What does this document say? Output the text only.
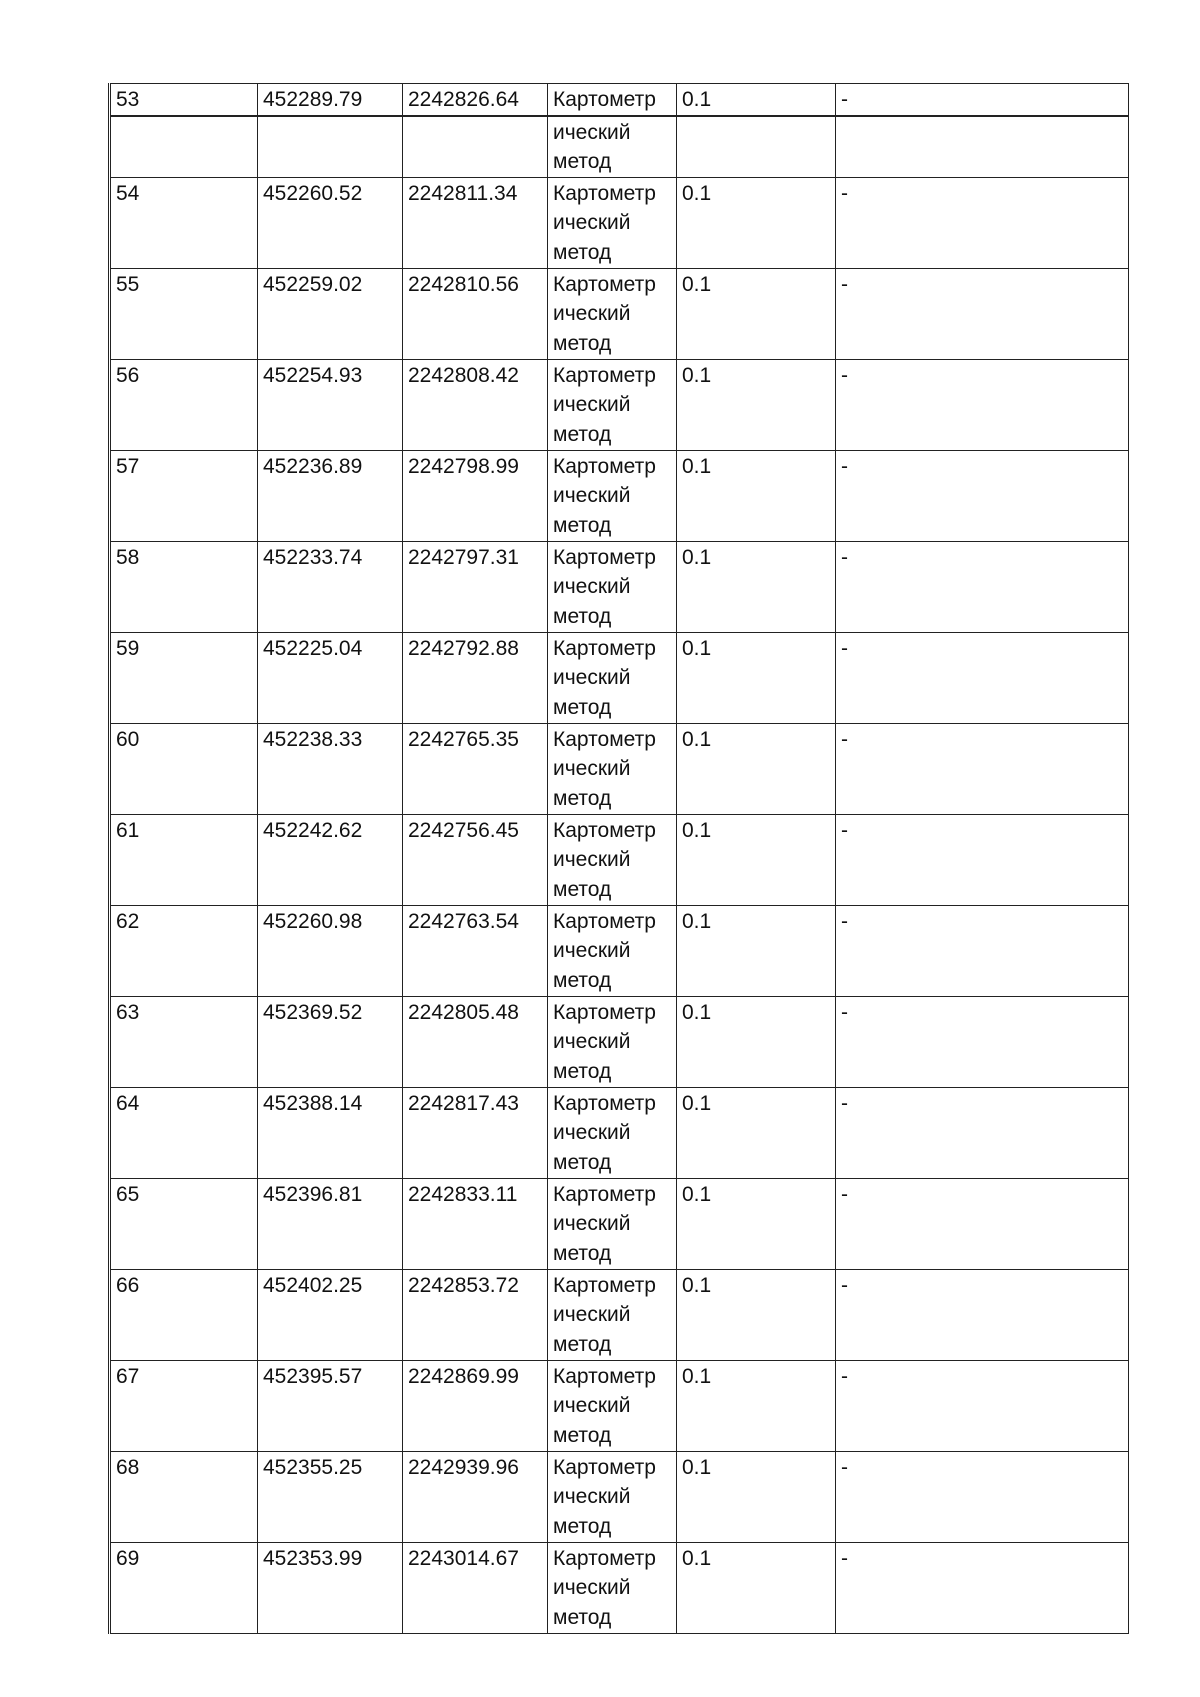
53	452289.79	2242826.64	Картометр	0.1	-

			ический
метод		

54	452260.52	2242811.34	Картометр
ический
метод	0.1	-
55	452259.02	2242810.56	Картометр
ический
метод	0.1	-
56	452254.93	2242808.42	Картометр
ический
метод	0.1	-
57	452236.89	2242798.99	Картометр
ический
метод	0.1	-
58	452233.74	2242797.31	Картометр
ический
метод	0.1	-
59	452225.04	2242792.88	Картометр
ический
метод	0.1	-
60	452238.33	2242765.35	Картометр
ический
метод	0.1	-
61	452242.62	2242756.45	Картометр
ический
метод	0.1	-
62	452260.98	2242763.54	Картометр
ический
метод	0.1	-
63	452369.52	2242805.48	Картометр
ический
метод	0.1	-
64	452388.14	2242817.43	Картометр
ический
метод	0.1	-
65	452396.81	2242833.11	Картометр
ический
метод	0.1	-
66	452402.25	2242853.72	Картометр
ический
метод	0.1	-
67	452395.57	2242869.99	Картометр
ический
метод	0.1	-
68	452355.25	2242939.96	Картометр
ический
метод	0.1	-
69	452353.99	2243014.67	Картометр
ический
метод	0.1	-
